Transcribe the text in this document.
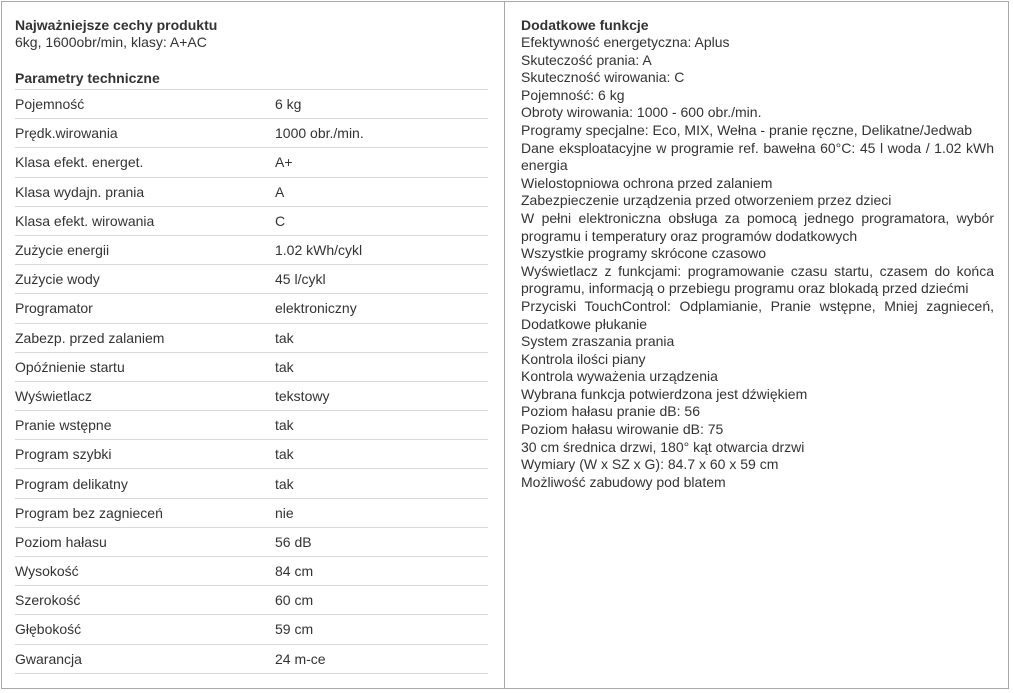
Najważniejsze cechy produktu
6kg, 1600obr/min, klasy: A+AC
Parametry techniczne
Pojemność	6 kg
Prędk.wirowania	1000 obr./min.
Klasa efekt. energet.	A+
Klasa wydajn. prania	A
Klasa efekt. wirowania	C
Zużycie energii	1.02 kWh/cykl
Zużycie wody	45 l/cykl
Programator	elektroniczny
Zabezp. przed zalaniem	tak
Opóźnienie startu	tak
Wyświetlacz	tekstowy
Pranie wstępne	tak
Program szybki	tak
Program delikatny	tak
Program bez zagnieceń	nie
Poziom hałasu	56 dB
Wysokość	84 cm
Szerokość	60 cm
Głębokość	59 cm
Gwarancja	24 m-ce
Dodatkowe funkcje
Efektywność energetyczna: Aplus
Skuteczość prania: A
Skuteczność wirowania: C
Pojemność: 6 kg
Obroty wirowania: 1000 - 600 obr./min.
Programy specjalne: Eco, MIX, Wełna - pranie ręczne, Delikatne/Jedwab
Dane eksploatacyjne w programie ref. bawełna 60°C: 45 l woda / 1.02 kWh energia
Wielostopniowa ochrona przed zalaniem
Zabezpieczenie urządzenia przed otworzeniem przez dzieci
W pełni elektroniczna obsługa za pomocą jednego programatora, wybór programu i temperatury oraz programów dodatkowych
Wszystkie programy skrócone czasowo
Wyświetlacz z funkcjami: programowanie czasu startu, czasem do końca programu, informacją o przebiegu programu oraz blokadą przed dziećmi
Przyciski TouchControl: Odplamianie, Pranie wstępne, Mniej zagnieceń, Dodatkowe płukanie
System zraszania prania
Kontrola ilości piany
Kontrola wyważenia urządzenia
Wybrana funkcja potwierdzona jest dźwiękiem
Poziom hałasu pranie dB: 56
Poziom hałasu wirowanie dB: 75
30 cm średnica drzwi, 180° kąt otwarcia drzwi
Wymiary (W x SZ x G): 84.7 x 60 x 59 cm
Możliwość zabudowy pod blatem
